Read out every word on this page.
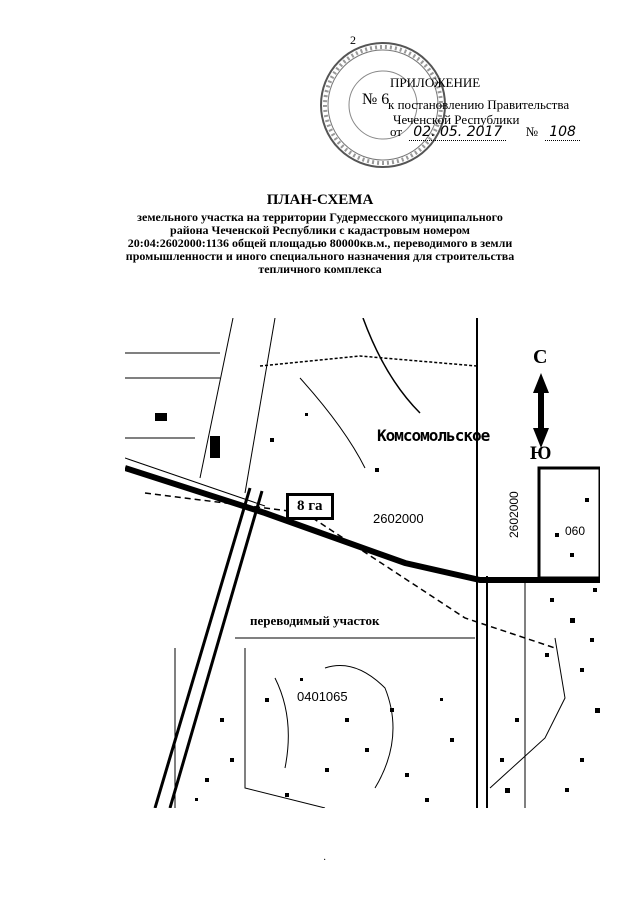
2
ПРИЛОЖЕНИЕ
№ 6
к постановлению Правительства
Чеченской Республики
от 02. 05. 2017 № 108
ПЛАН-СХЕМА
земельного участка на территории Гудермесского муниципального
района Чеченской Республики с кадастровым номером
20:04:2602000:1136 общей площадью 80000кв.м., переводимого в земли
промышленности и иного специального назначения для строительства
тепличного комплекса
С
Ю
Комсомольское
8 га
2602000	2602000	060
переводимый участок
0401065
·
